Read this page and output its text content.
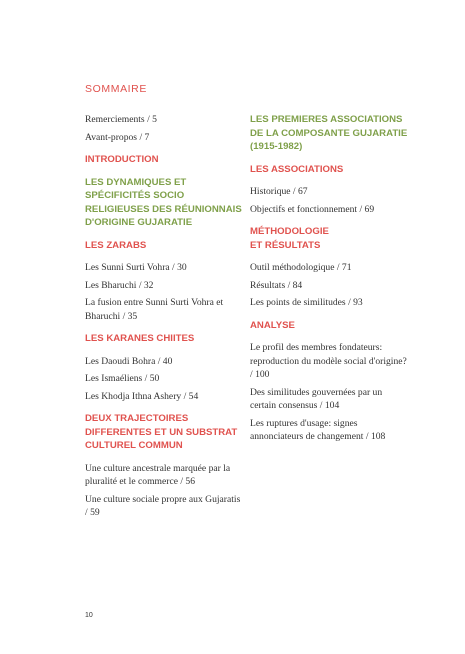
SOMMAIRE

Remerciements / 5

Avant-propos / 7

INTRODUCTION

LES DYNAMIQUES ET SPÉCIFICITÉS SOCIO RELIGIEUSES DES RÉUNIONNAIS D'ORIGINE GUJARATIE

LES ZARABS

Les Sunni Surti Vohra / 30

Les Bharuchi / 32

La fusion entre Sunni Surti Vohra et Bharuchi / 35

LES KARANES CHIITES

Les Daoudi Bohra / 40

Les Ismaéliens / 50

Les Khodja Ithna Ashery / 54

DEUX TRAJECTOIRES DIFFERENTES ET UN SUBSTRAT CULTUREL COMMUN

Une culture ancestrale marquée par la pluralité et le commerce / 56

Une culture sociale propre aux Gujaratis / 59

LES PREMIERES ASSOCIATIONS DE LA COMPOSANTE GUJARATIE
(1915-1982)

LES ASSOCIATIONS

Historique / 67

Objectifs et fonctionnement / 69

MÉTHODOLOGIE
ET RÉSULTATS

Outil méthodologique / 71

Résultats / 84

Les points de similitudes / 93

ANALYSE

Le profil des membres fondateurs: reproduction du modèle social d'origine? / 100

Des similitudes gouvernées par un certain consensus / 104

Les ruptures d'usage: signes annonciateurs de changement / 108

10
